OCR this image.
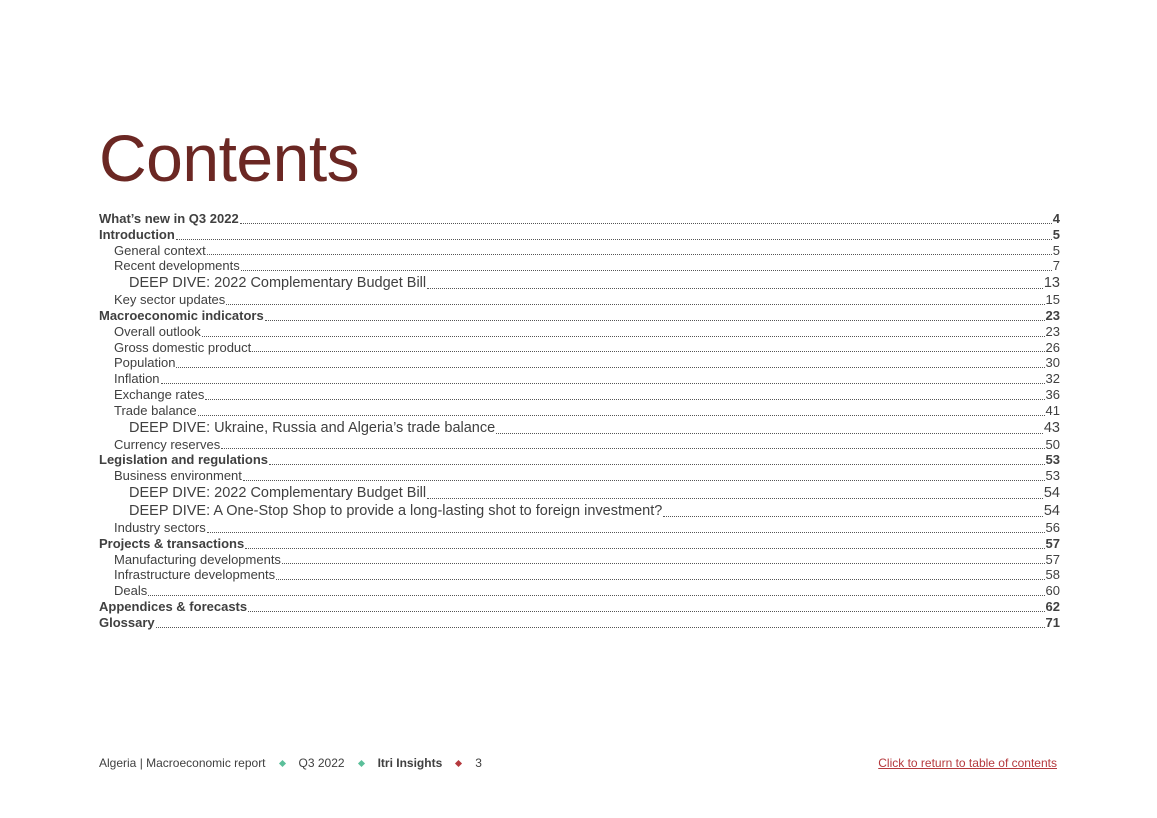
Contents
What’s new in Q3 2022	4
Introduction	5
General context	5
Recent developments	7
DEEP DIVE: 2022 Complementary Budget Bill	13
Key sector updates	15
Macroeconomic indicators	23
Overall outlook	23
Gross domestic product	26
Population	30
Inflation	32
Exchange rates	36
Trade balance	41
DEEP DIVE: Ukraine, Russia and Algeria’s trade balance	43
Currency reserves	50
Legislation and regulations	53
Business environment	53
DEEP DIVE: 2022 Complementary Budget Bill	54
DEEP DIVE: A One-Stop Shop to provide a long-lasting shot to foreign investment?	54
Industry sectors	56
Projects & transactions	57
Manufacturing developments	57
Infrastructure developments	58
Deals	60
Appendices & forecasts	62
Glossary	71
Algeria | Macroeconomic report	Q3 2022	Itri Insights	3	Click to return to table of contents
